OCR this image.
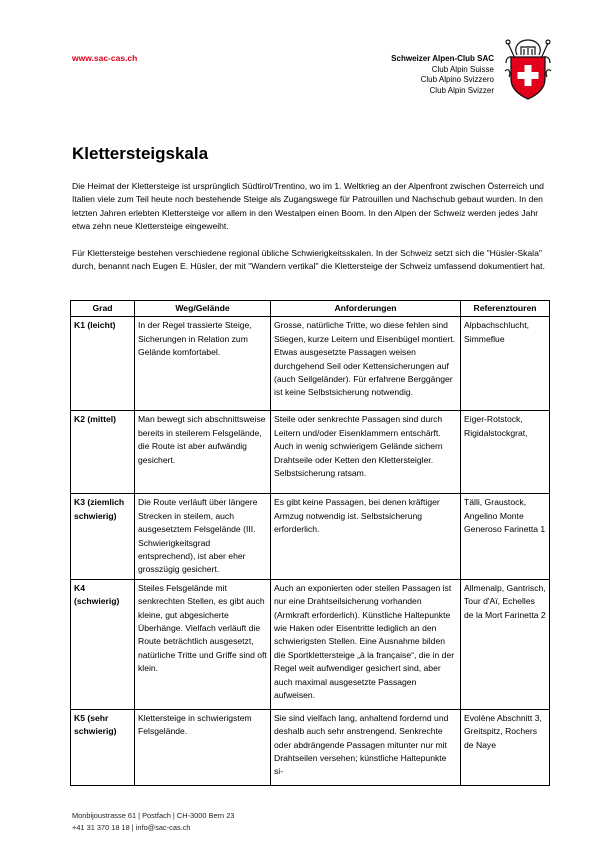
www.sac-cas.ch	Schweizer Alpen-Club SAC
Club Alpin Suisse
Club Alpino Svizzero
Club Alpin Svizzer
Klettersteigskala

Die Heimat der Klettersteige ist ursprünglich Südtirol/Trentino, wo im 1. Weltkrieg an der Alpenfront zwischen Österreich und Italien viele zum Teil heute noch bestehende Steige als Zugangswege für Patrouillen und Nachschub gebaut wurden. In den letzten Jahren erlebten Klettersteige vor allem in den Westalpen einen Boom. In den Alpen der Schweiz werden jedes Jahr etwa zehn neue Klettersteige eingeweiht.

Für Klettersteige bestehen verschiedene regional übliche Schwierigkeitsskalen. In der Schweiz setzt sich die "Hüsler-Skala" durch, benannt nach Eugen E. Hüsler, der mit "Wandern vertikal" die Klettersteige der Schweiz umfassend dokumentiert hat.

Grad	Weg/Gelände	Anforderungen	Referenztouren
K1 (leicht)	In der Regel trassierte Steige, Sicherungen in Relation zum Gelände komfortabel.	Grosse, natürliche Tritte, wo diese fehlen sind Stiegen, kurze Leitern und Eisenbügel montiert. Etwas ausgesetzte Passagen weisen durchgehend Seil oder Kettensicherungen auf (auch Seilgeländer). Für erfahrene Berggänger ist keine Selbstsicherung notwendig.	Alpbachschlucht, Simmeflue
K2 (mittel)	Man bewegt sich abschnittsweise bereits in steilerem Felsgelände, die Route ist aber aufwändig gesichert.	Steile oder senkrechte Passagen sind durch Leitern und/oder Eisenklammern entschärft. Auch in wenig schwierigem Gelände sichern Drahtseile oder Ketten den Klettersteigler. Selbstsicherung ratsam.	Eiger-Rotstock, Rigidalstockgrat,
K3 (ziemlich schwierig)	Die Route verläuft über längere Strecken in steilem, auch ausgesetztem Felsgelände (III. Schwierigkeitsgrad entsprechend), ist aber eher grosszügig gesichert.	Es gibt keine Passagen, bei denen kräftiger Armzug notwendig ist. Selbstsicherung erforderlich.	Tälli, Graustock, Angelino Monte Generoso Farinetta 1
K4 (schwierig)	Steiles Felsgelände mit senkrechten Stellen, es gibt auch kleine, gut abgesicherte Überhänge. Vielfach verläuft die Route beträchtlich ausgesetzt, natürliche Tritte und Griffe sind oft klein.	Auch an exponierten oder steilen Passagen ist nur eine Drahtseilsicherung vorhanden (Armkraft erforderlich). Künstliche Haltepunkte wie Haken oder Eisentritte lediglich an den schwierigsten Stellen. Eine Ausnahme bilden die Sportklettersteige „à la française“, die in der Regel weit aufwendiger gesichert sind, aber auch maximal ausgesetzte Passagen aufweisen.	Allmenalp, Gantrisch, Tour d'Aï, Echelles de la Mort Farinetta 2
K5 (sehr schwierig)	Klettersteige in schwierigstem Felsgelände.	Sie sind vielfach lang, anhaltend fordernd und deshalb auch sehr anstrengend. Senkrechte oder abdrängende Passagen mitunter nur mit Drahtseilen versehen; künstliche Haltepunkte si-	Evolène Abschnitt 3, Greitspitz, Rochers de Naye
Monbijoustrasse 61 | Postfach | CH-3000 Bern 23
+41 31 370 18 18 | info@sac-cas.ch
